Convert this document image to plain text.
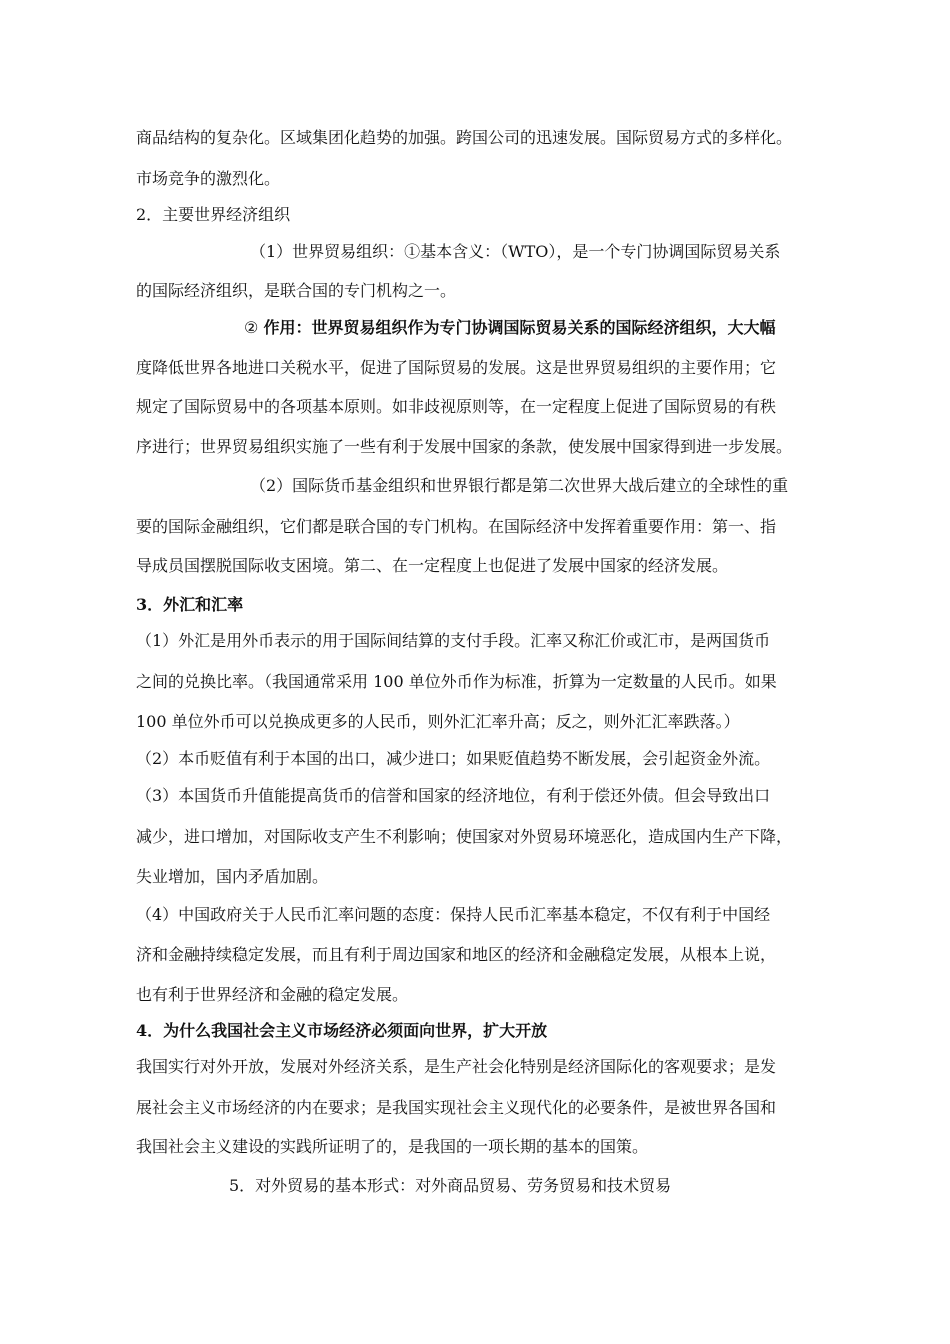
商品结构的复杂化。区域集团化趋势的加强。跨国公司的迅速发展。国际贸易方式的多样化。

市场竞争的激烈化。

2．主要世界经济组织

（1）世界贸易组织：①基本含义：（WTO），是一个专门协调国际贸易关系

的国际经济组织，是联合国的专门机构之一。

② 作用：世界贸易组织作为专门协调国际贸易关系的国际经济组织，大大幅

度降低世界各地进口关税水平，促进了国际贸易的发展。这是世界贸易组织的主要作用；它

规定了国际贸易中的各项基本原则。如非歧视原则等，在一定程度上促进了国际贸易的有秩

序进行；世界贸易组织实施了一些有利于发展中国家的条款，使发展中国家得到进一步发展。

（2）国际货币基金组织和世界银行都是第二次世界大战后建立的全球性的重

要的国际金融组织，它们都是联合国的专门机构。在国际经济中发挥着重要作用：第一、指

导成员国摆脱国际收支困境。第二、在一定程度上也促进了发展中国家的经济发展。

3．外汇和汇率

（1）外汇是用外币表示的用于国际间结算的支付手段。汇率又称汇价或汇市，是两国货币

之间的兑换比率。（我国通常采用 100 单位外币作为标准，折算为一定数量的人民币。如果

100 单位外币可以兑换成更多的人民币，则外汇汇率升高；反之，则外汇汇率跌落。）

（2）本币贬值有利于本国的出口，减少进口；如果贬值趋势不断发展，会引起资金外流。

（3）本国货币升值能提高货币的信誉和国家的经济地位，有利于偿还外债。但会导致出口

减少，进口增加，对国际收支产生不利影响；使国家对外贸易环境恶化，造成国内生产下降，

失业增加，国内矛盾加剧。

（4）中国政府关于人民币汇率问题的态度：保持人民币汇率基本稳定，不仅有利于中国经

济和金融持续稳定发展，而且有利于周边国家和地区的经济和金融稳定发展，从根本上说，

也有利于世界经济和金融的稳定发展。

4．为什么我国社会主义市场经济必须面向世界，扩大开放

我国实行对外开放，发展对外经济关系，是生产社会化特别是经济国际化的客观要求；是发

展社会主义市场经济的内在要求；是我国实现社会主义现代化的必要条件，是被世界各国和

我国社会主义建设的实践所证明了的，是我国的一项长期的基本的国策。

5．对外贸易的基本形式：对外商品贸易、劳务贸易和技术贸易
